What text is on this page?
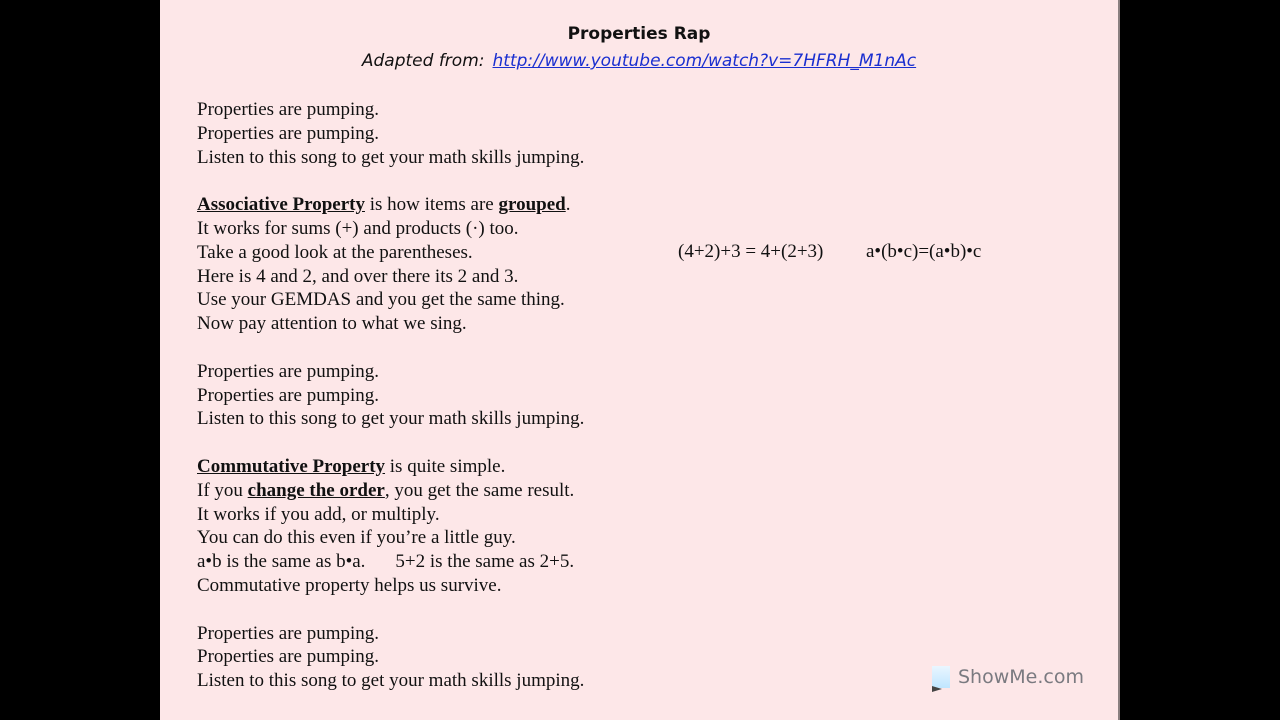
Properties Rap
Adapted from: http://www.youtube.com/watch?v=7HFRH_M1nAc
Properties are pumping.
Properties are pumping.
Listen to this song to get your math skills jumping.
Associative Property is how items are grouped.
It works for sums (+) and products (·) too.
Take a good look at the parentheses.
Here is 4 and 2, and over there its 2 and 3.
Use your GEMDAS and you get the same thing.
Now pay attention to what we sing.
Properties are pumping.
Properties are pumping.
Listen to this song to get your math skills jumping.
Commutative Property is quite simple.
If you change the order, you get the same result.
It works if you add, or multiply.
You can do this even if you’re a little guy.
a•b is the same as b•a. 5+2 is the same as 2+5.
Commutative property helps us survive.
Properties are pumping.
Properties are pumping.
Listen to this song to get your math skills jumping.
(4+2)+3 = 4+(2+3) a•(b•c)=(a•b)•c
ShowMe.com
